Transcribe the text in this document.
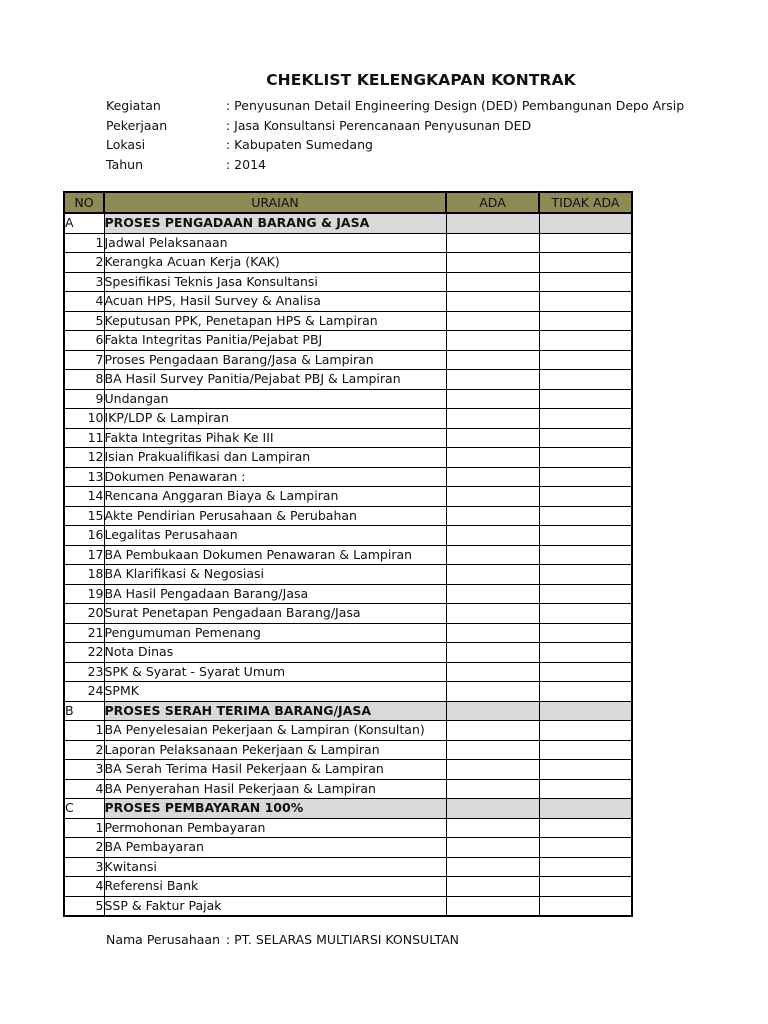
CHEKLIST KELENGKAPAN KONTRAK
Kegiatan	: Penyusunan Detail Engineering Design (DED) Pembangunan Depo Arsip
Pekerjaan	: Jasa Konsultansi Perencanaan Penyusunan DED
Lokasi	: Kabupaten Sumedang
Tahun	: 2014
NO	URAIAN	ADA	TIDAK ADA
A	PROSES PENGADAAN BARANG & JASA		
1	Jadwal Pelaksanaan		
2	Kerangka Acuan Kerja (KAK)		
3	Spesifikasi Teknis Jasa Konsultansi		
4	Acuan HPS, Hasil Survey & Analisa		
5	Keputusan PPK, Penetapan HPS & Lampiran		
6	Fakta Integritas Panitia/Pejabat PBJ		
7	Proses Pengadaan Barang/Jasa & Lampiran		
8	BA Hasil Survey Panitia/Pejabat PBJ & Lampiran		
9	Undangan		
10	IKP/LDP & Lampiran		
11	Fakta Integritas Pihak Ke III		
12	Isian Prakualifikasi dan Lampiran		
13	Dokumen Penawaran :		
14	Rencana Anggaran Biaya & Lampiran		
15	Akte Pendirian Perusahaan & Perubahan		
16	Legalitas Perusahaan		
17	BA Pembukaan Dokumen Penawaran & Lampiran		
18	BA Klarifikasi & Negosiasi		
19	BA Hasil Pengadaan Barang/Jasa		
20	Surat Penetapan Pengadaan Barang/Jasa		
21	Pengumuman Pemenang		
22	Nota Dinas		
23	SPK & Syarat - Syarat Umum		
24	SPMK		
B	PROSES SERAH TERIMA BARANG/JASA		
1	BA Penyelesaian Pekerjaan & Lampiran (Konsultan)		
2	Laporan Pelaksanaan Pekerjaan & Lampiran		
3	BA Serah Terima Hasil Pekerjaan & Lampiran		
4	BA Penyerahan Hasil Pekerjaan & Lampiran		
C	PROSES PEMBAYARAN 100%		
1	Permohonan Pembayaran		
2	BA Pembayaran		
3	Kwitansi		
4	Referensi Bank		
5	SSP & Faktur Pajak		
Nama Perusahaan : PT. SELARAS MULTIARSI KONSULTAN
